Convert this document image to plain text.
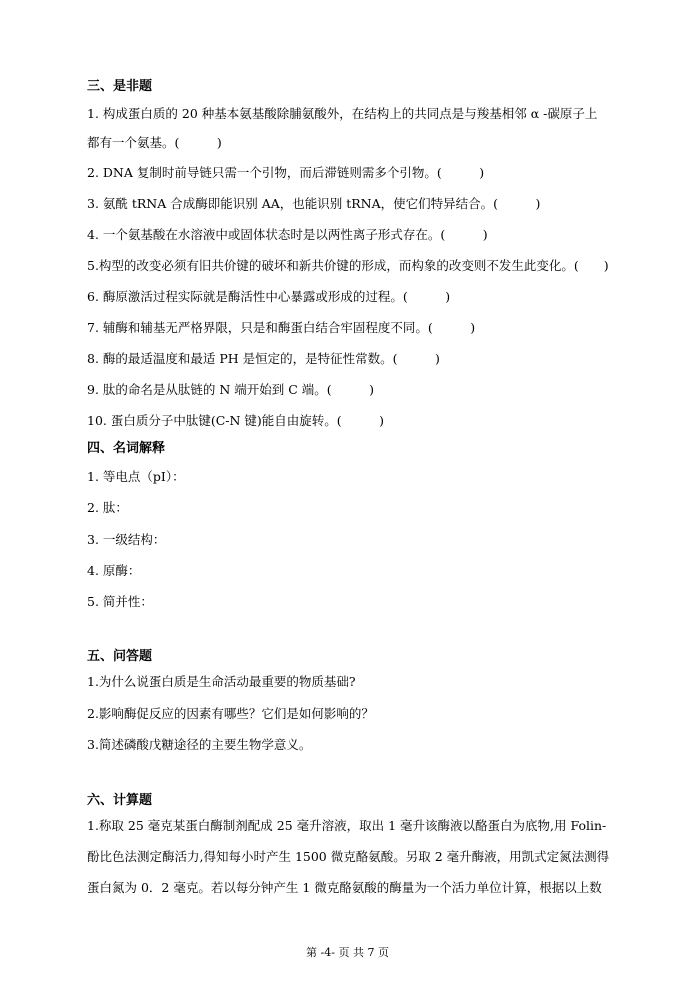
三、是非题
1. 构成蛋白质的 20 种基本氨基酸除脯氨酸外，在结构上的共同点是与羧基相邻 α -碳原子上
都有一个氨基。(　　　)
2. DNA 复制时前导链只需一个引物，而后滞链则需多个引物。(　　　)
3. 氨酰 tRNA 合成酶即能识别 AA，也能识别 tRNA，使它们特异结合。(　　　)
4. 一个氨基酸在水溶液中或固体状态时是以两性离子形式存在。(　　　)
5.构型的改变必须有旧共价键的破坏和新共价键的形成，而构象的改变则不发生此变化。(　　)
6. 酶原激活过程实际就是酶活性中心暴露或形成的过程。(　　　)
7. 辅酶和辅基无严格界限，只是和酶蛋白结合牢固程度不同。(　　　)
8. 酶的最适温度和最适 PH 是恒定的，是特征性常数。(　　　)
9. 肽的命名是从肽链的 N 端开始到 C 端。(　　　)
10. 蛋白质分子中肽键(C-N 键)能自由旋转。(　　　)
四、名词解释
1. 等电点（pI）：
2. 肽：
3. 一级结构：
4. 原酶：
5. 简并性：
五、问答题
1.为什么说蛋白质是生命活动最重要的物质基础?
2.影响酶促反应的因素有哪些？它们是如何影响的？
3.简述磷酸戊糖途径的主要生物学意义。
六、计算题
1.称取 25 毫克某蛋白酶制剂配成 25 毫升溶液，取出 1 毫升该酶液以酪蛋白为底物,用 Folin-
酚比色法测定酶活力,得知每小时产生 1500 微克酪氨酸。另取 2 毫升酶液，用凯式定氮法测得
蛋白氮为 0．2 毫克。若以每分钟产生 1 微克酪氨酸的酶量为一个活力单位计算，根据以上数
第 -4- 页 共 7 页
